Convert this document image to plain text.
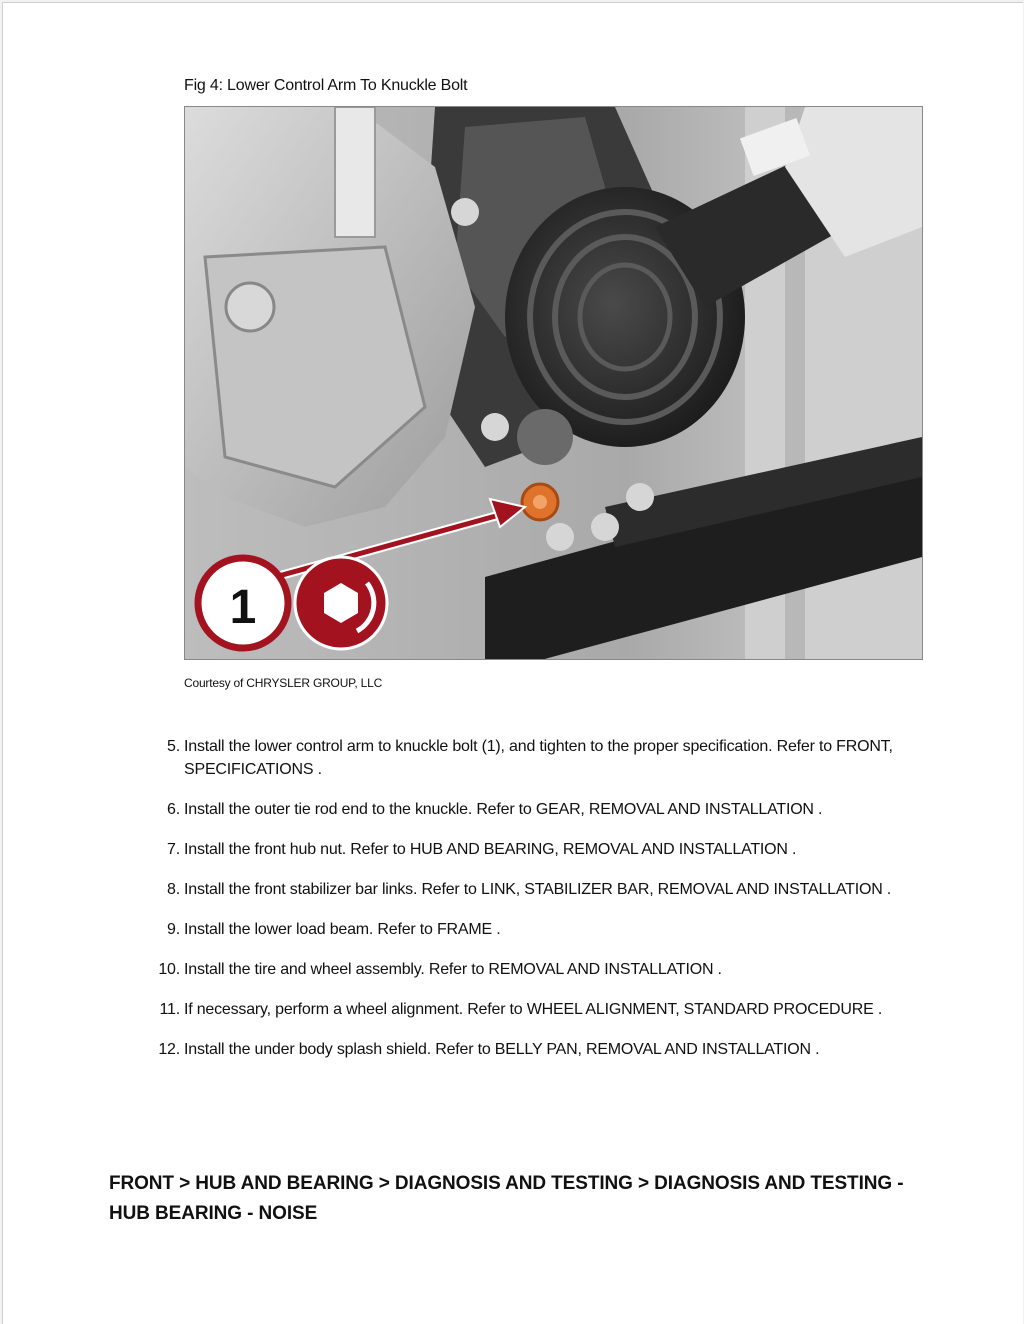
Fig 4: Lower Control Arm To Knuckle Bolt
1
Courtesy of CHRYSLER GROUP, LLC
5. Install the lower control arm to knuckle bolt (1), and tighten to the proper specification. Refer to FRONT, SPECIFICATIONS .
6. Install the outer tie rod end to the knuckle. Refer to GEAR, REMOVAL AND INSTALLATION .
7. Install the front hub nut. Refer to HUB AND BEARING, REMOVAL AND INSTALLATION .
8. Install the front stabilizer bar links. Refer to LINK, STABILIZER BAR, REMOVAL AND INSTALLATION .
9. Install the lower load beam. Refer to FRAME .
10. Install the tire and wheel assembly. Refer to REMOVAL AND INSTALLATION .
11. If necessary, perform a wheel alignment. Refer to WHEEL ALIGNMENT, STANDARD PROCEDURE .
12. Install the under body splash shield. Refer to BELLY PAN, REMOVAL AND INSTALLATION .
FRONT > HUB AND BEARING > DIAGNOSIS AND TESTING > DIAGNOSIS AND TESTING - HUB BEARING - NOISE
